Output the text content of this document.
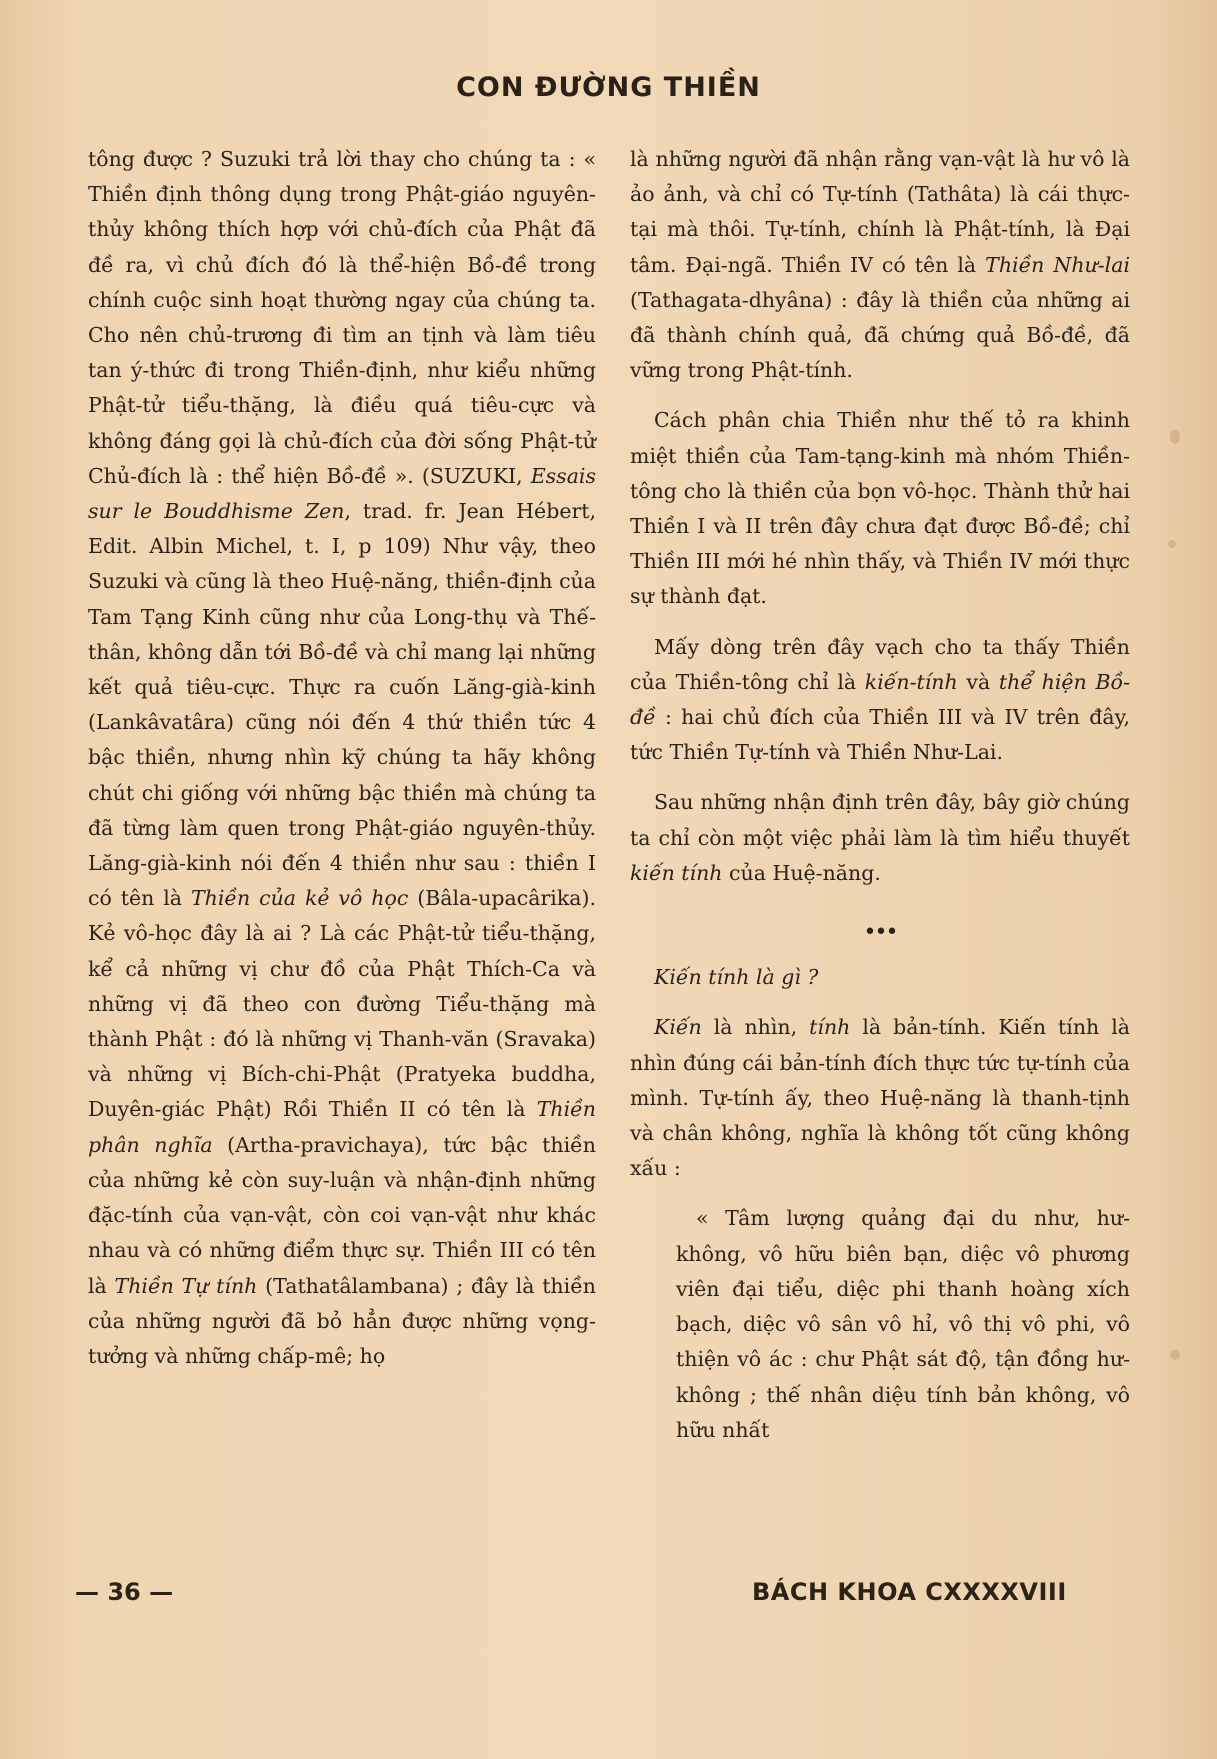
CON ĐƯỜNG THIỀN

tông được ? Suzuki trả lời thay cho chúng ta : « Thiền định thông dụng trong Phật-giáo nguyên-thủy không thích hợp với chủ-đích của Phật đã đề ra, vì chủ đích đó là thể-hiện Bồ-đề trong chính cuộc sinh hoạt thường ngay của chúng ta. Cho nên chủ-trương đi tìm an tịnh và làm tiêu tan ý-thức đi trong Thiền-định, như kiểu những Phật-tử tiểu-thặng, là điều quá tiêu-cực và không đáng gọi là chủ-đích của đời sống Phật-tử Chủ-đích là : thể hiện Bồ-đề ». (SUZUKI, Essais sur le Bouddhisme Zen, trad. fr. Jean Hébert, Edit. Albin Michel, t. I, p 109) Như vậy, theo Suzuki và cũng là theo Huệ-năng, thiền-định của Tam Tạng Kinh cũng như của Long-thụ và Thế-thân, không dẫn tới Bồ-đề và chỉ mang lại những kết quả tiêu-cực. Thực ra cuốn Lăng-già-kinh (Lankâvatâra) cũng nói đến 4 thứ thiền tức 4 bậc thiền, nhưng nhìn kỹ chúng ta hãy không chút chi giống với những bậc thiền mà chúng ta đã từng làm quen trong Phật-giáo nguyên-thủy. Lăng-già-kinh nói đến 4 thiền như sau : thiền I có tên là Thiền của kẻ vô học (Bâla-upacârika). Kẻ vô-học đây là ai ? Là các Phật-tử tiểu-thặng, kể cả những vị chư đồ của Phật Thích-Ca và những vị đã theo con đường Tiểu-thặng mà thành Phật : đó là những vị Thanh-văn (Sravaka) và những vị Bích-chi-Phật (Pratyeka buddha, Duyên-giác Phật) Rồi Thiền II có tên là Thiền phân nghĩa (Artha-pravichaya), tức bậc thiền của những kẻ còn suy-luận và nhận-định những đặc-tính của vạn-vật, còn coi vạn-vật như khác nhau và có những điểm thực sự. Thiền III có tên là Thiền Tự tính (Tathatâlambana) ; đây là thiền của những người đã bỏ hẳn được những vọng-tưởng và những chấp-mê; họ

là những người đã nhận rằng vạn-vật là hư vô là ảo ảnh, và chỉ có Tự-tính (Tathâta) là cái thực-tại mà thôi. Tự-tính, chính là Phật-tính, là Đại tâm. Đại-ngã. Thiền IV có tên là Thiền Như-lai (Tathagata-dhyâna) : đây là thiền của những ai đã thành chính quả, đã chứng quả Bồ-đề, đã vững trong Phật-tính.

Cách phân chia Thiền như thế tỏ ra khinh miệt thiền của Tam-tạng-kinh mà nhóm Thiền-tông cho là thiền của bọn vô-học. Thành thử hai Thiền I và II trên đây chưa đạt được Bồ-đề; chỉ Thiền III mới hé nhìn thấy, và Thiền IV mới thực sự thành đạt.

Mấy dòng trên đây vạch cho ta thấy Thiền của Thiền-tông chỉ là kiến-tính và thể hiện Bồ-đề : hai chủ đích của Thiền III và IV trên đây, tức Thiền Tự-tính và Thiền Như-Lai.

Sau những nhận định trên đây, bây giờ chúng ta chỉ còn một việc phải làm là tìm hiểu thuyết kiến tính của Huệ-năng.

•••

Kiến tính là gì ?

Kiến là nhìn, tính là bản-tính. Kiến tính là nhìn đúng cái bản-tính đích thực tức tự-tính của mình. Tự-tính ấy, theo Huệ-năng là thanh-tịnh và chân không, nghĩa là không tốt cũng không xấu :

« Tâm lượng quảng đại du như, hư-không, vô hữu biên bạn, diệc vô phương viên đại tiểu, diệc phi thanh hoàng xích bạch, diệc vô sân vô hỉ, vô thị vô phi, vô thiện vô ác : chư Phật sát độ, tận đồng hư-không ; thế nhân diệu tính bản không, vô hữu nhất

— 36 —	BÁCH KHOA CXXXXVIII
